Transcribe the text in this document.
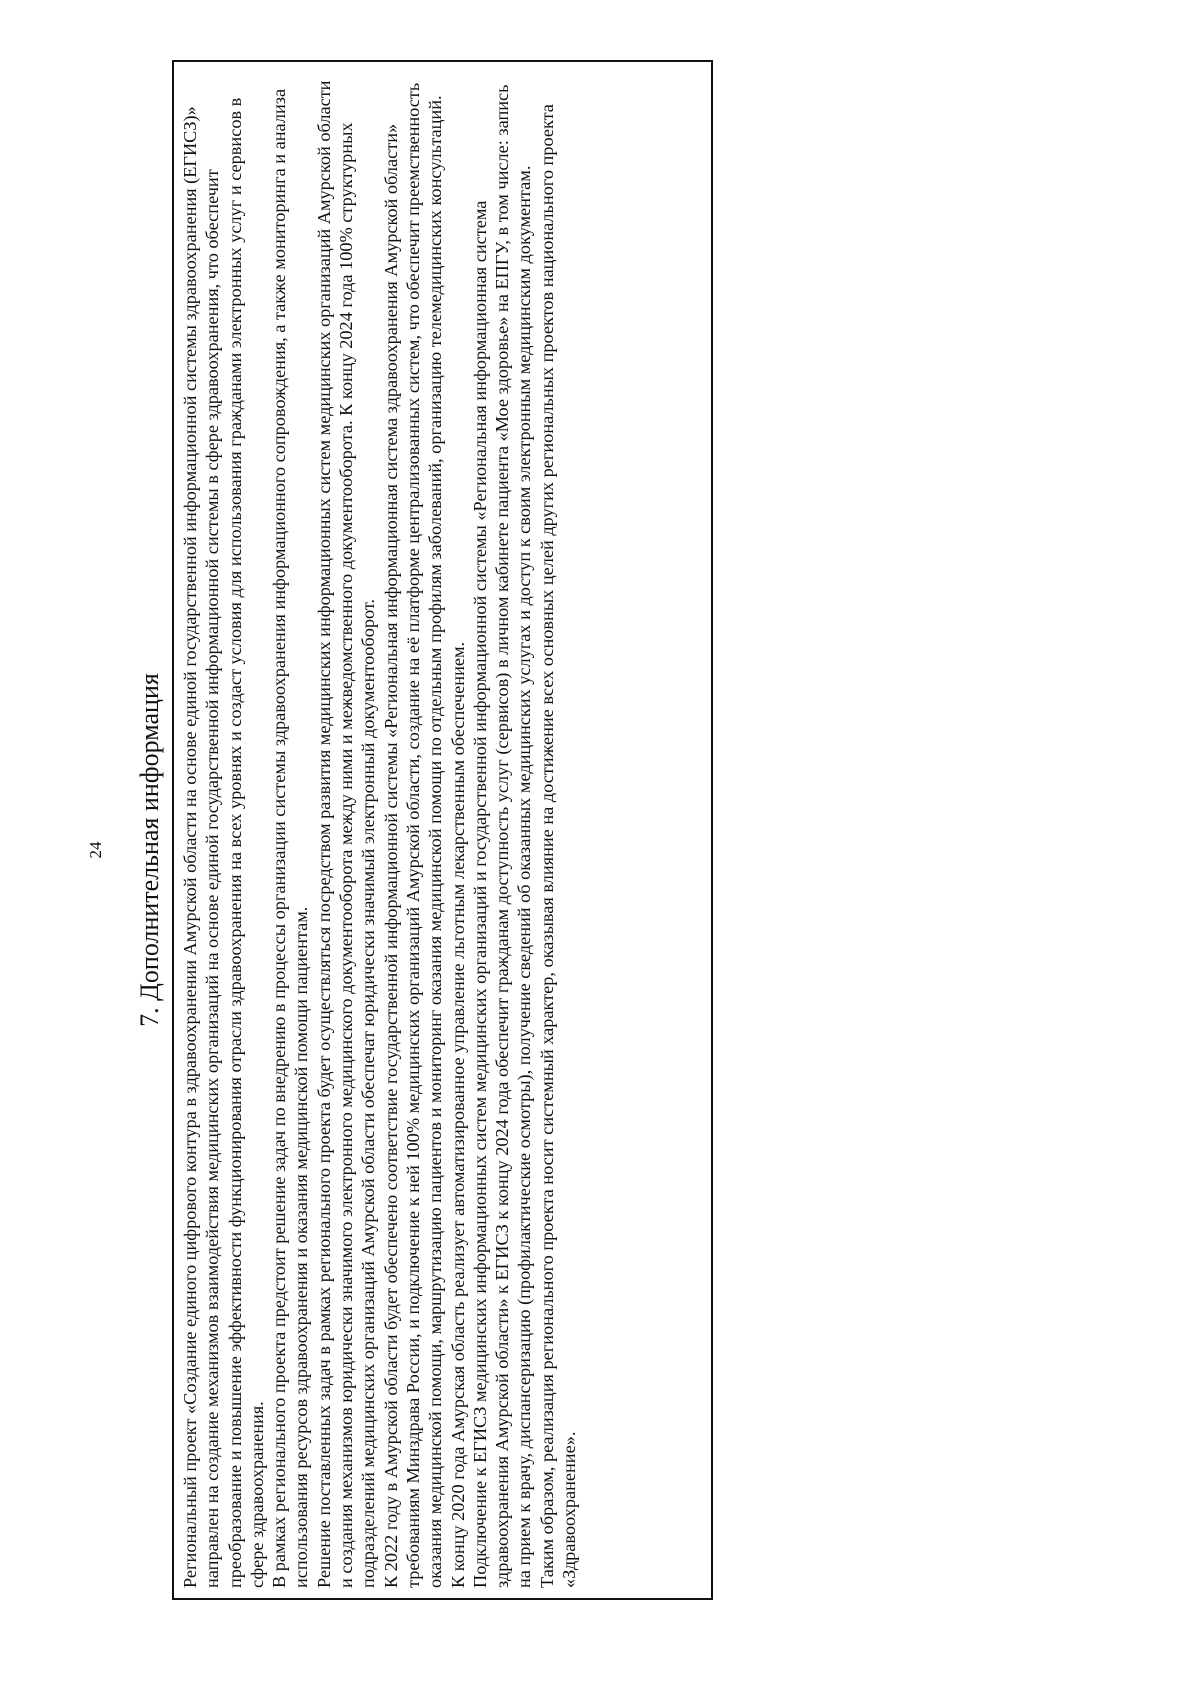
24 7. Дополнительная информация Региональный проект «Создание единого цифрового контура в здравоохранении Амурской области на основе единой государственной информационной системы здравоохранения (ЕГИСЗ)» направлен на создание механизмов взаимодействия медицинских организаций на основе единой государственной информационной системы в сфере здравоохранения, что обеспечит преобразование и повышение эффективности функционирования отрасли здравоохранения на всех уровнях и создаст условия для использования гражданами электронных услуг и сервисов в сфере здравоохранения. В рамках регионального проекта предстоит решение задач по внедрению в процессы организации системы здравоохранения информационного сопровождения, а также мониторинга и анализа использования ресурсов здравоохранения и оказания медицинской помощи пациентам. Решение поставленных задач в рамках регионального проекта будет осуществляться посредством развития медицинских информационных систем медицинских организаций Амурской области и создания механизмов юридически значимого электронного медицинского документооборота между ними и межведомственного документооборота. К концу 2024 года 100% структурных подразделений медицинских организаций Амурской области обеспечат юридически значимый электронный документооборот. К 2022 году в Амурской области будет обеспечено соответствие государственной информационной системы «Региональная информационная система здравоохранения Амурской области» требованиям Минздрава России, и подключение к ней 100% медицинских организаций Амурской области, создание на её платформе централизованных систем, что обеспечит преемственность оказания медицинской помощи, маршрутизацию пациентов и мониторинг оказания медицинской помощи по отдельным профилям заболеваний, организацию телемедицинских консультаций. К концу 2020 года Амурская область реализует автоматизированное управление льготным лекарственным обеспечением. Подключение к ЕГИСЗ медицинских информационных систем медицинских организаций и государственной информационной системы «Региональная информационная система здравоохранения Амурской области» к ЕГИСЗ к концу 2024 года обеспечит гражданам доступность услуг (сервисов) в личном кабинете пациента «Мое здоровье» на ЕПГУ, в том числе: запись на прием к врачу, диспансеризацию (профилактические осмотры), получение сведений об оказанных медицинских услугах и доступ к своим электронным медицинским документам. Таким образом, реализация регионального проекта носит системный характер, оказывая влияние на достижение всех основных целей других региональных проектов национального проекта «Здравоохранение».
